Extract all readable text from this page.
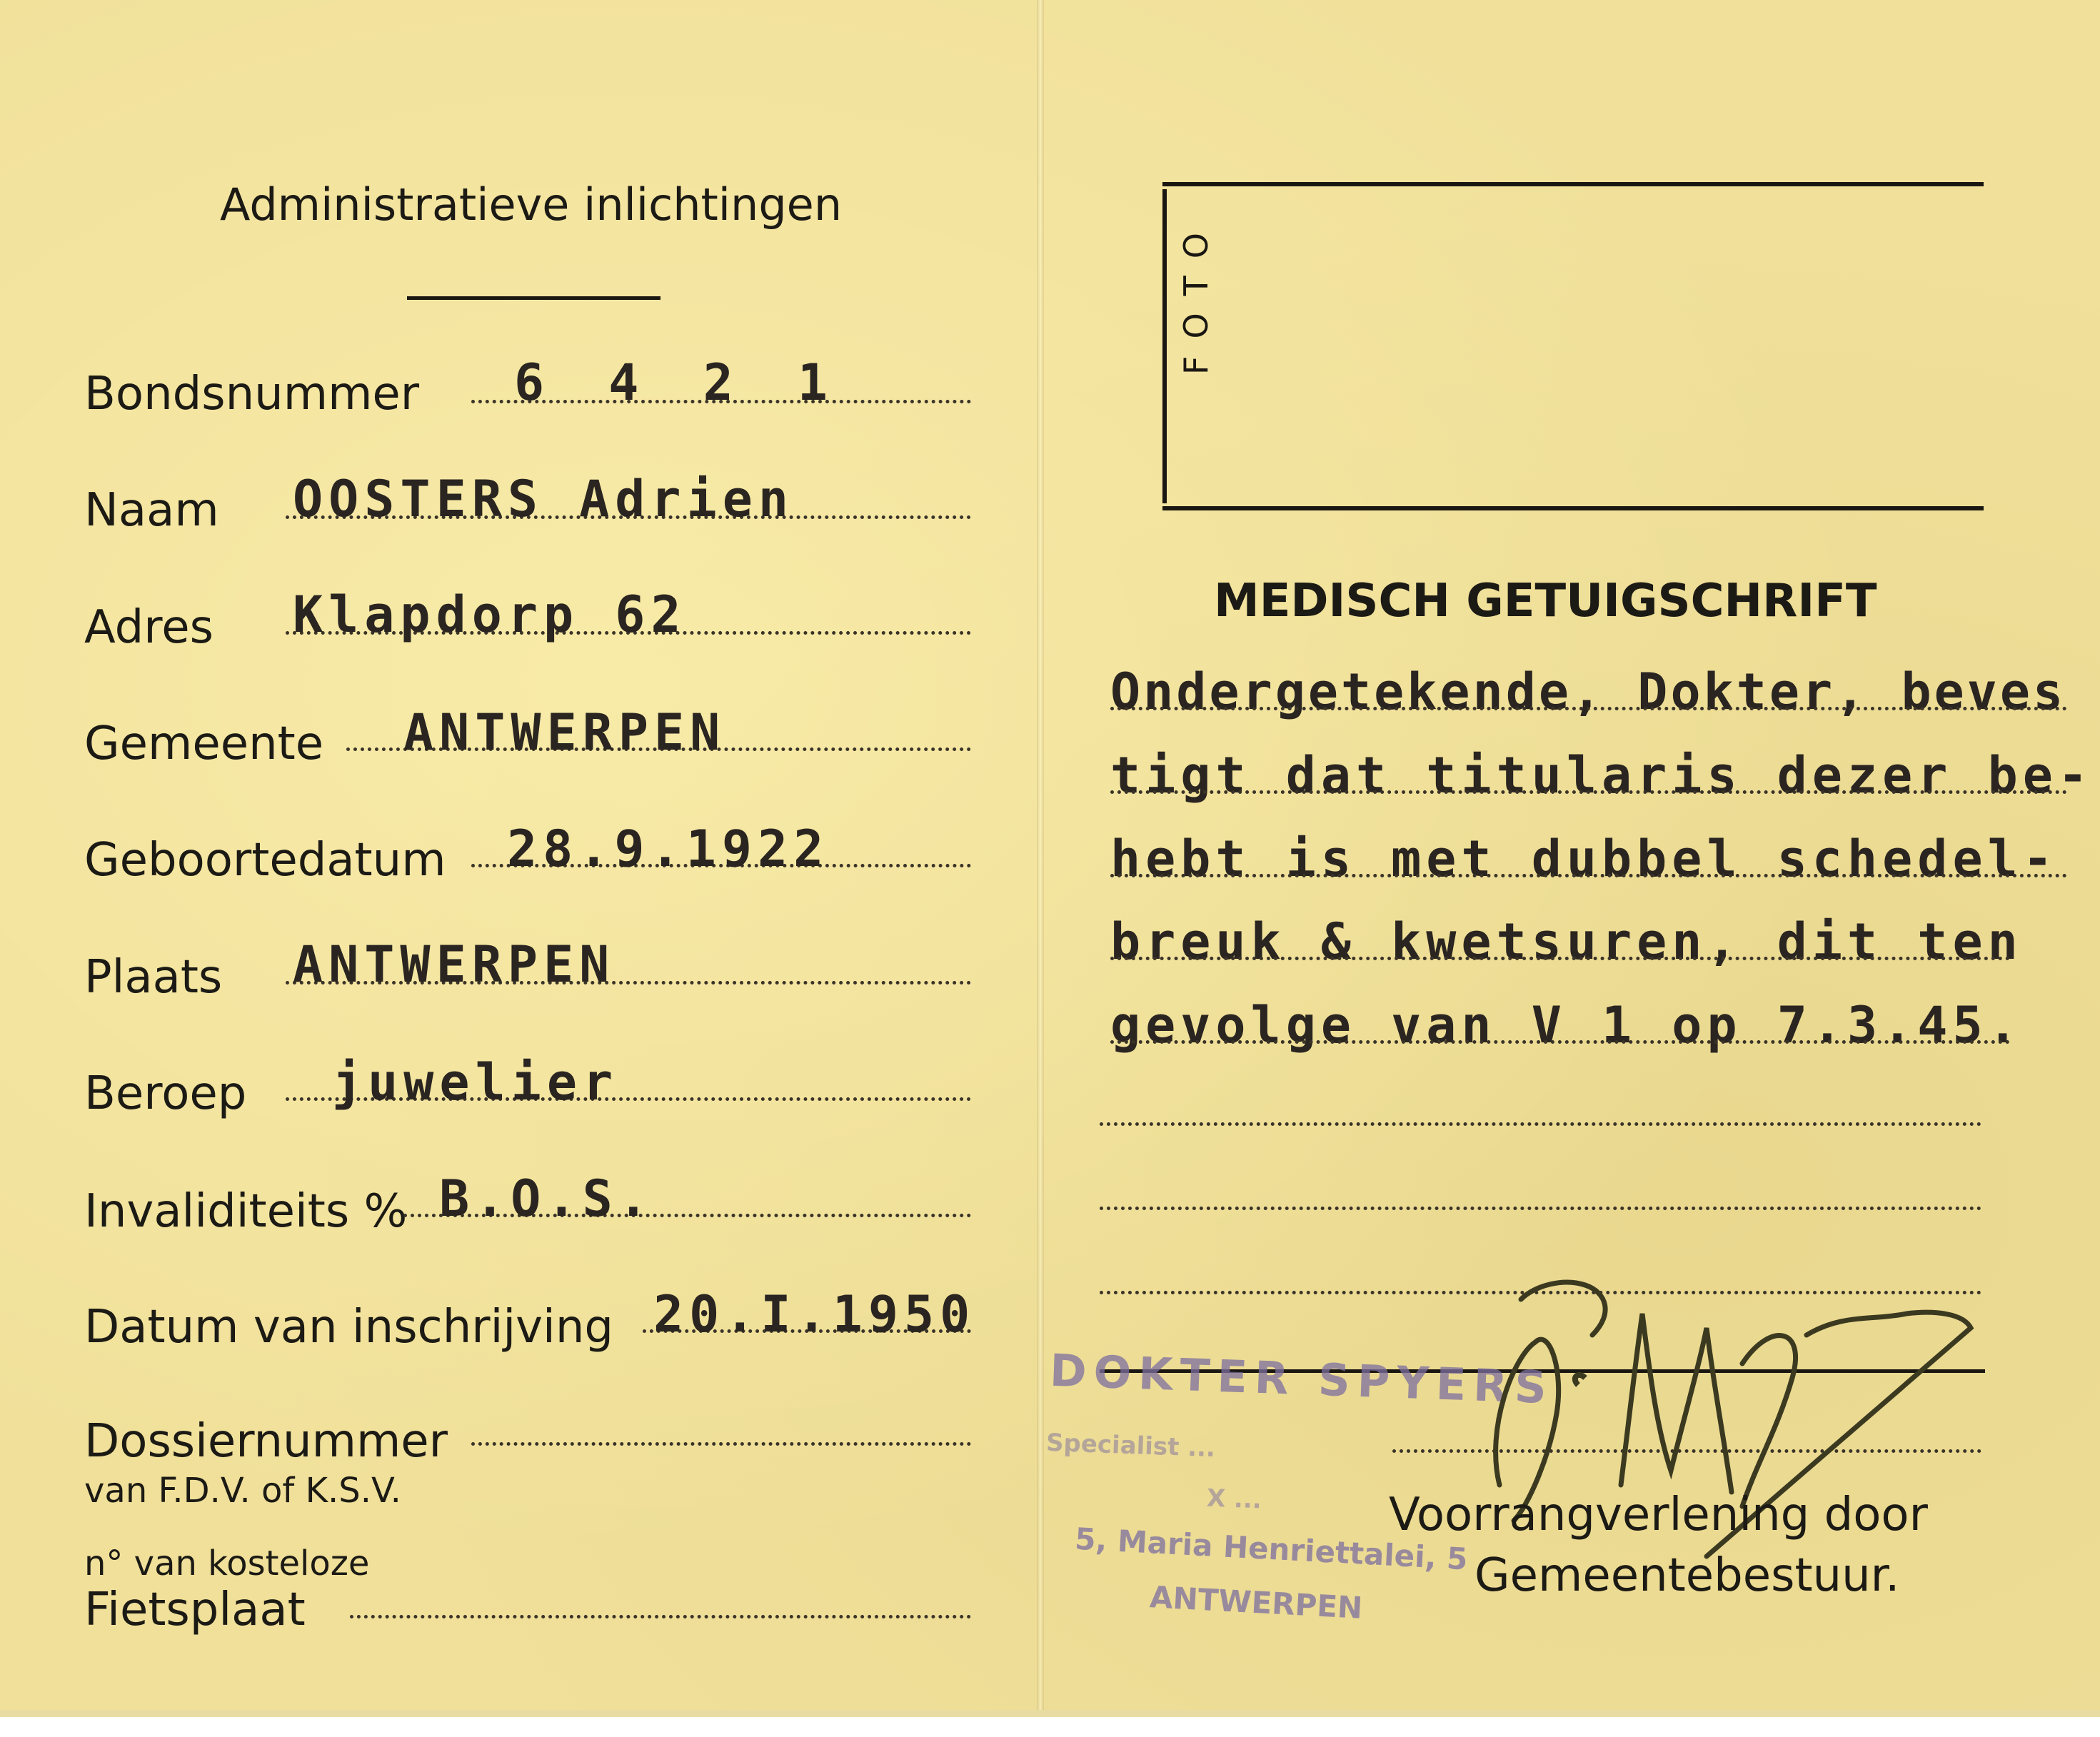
Administratieve inlichtingen
Bondsnummer 6 4 2 1
Naam OOSTERS Adrien
Adres Klapdorp 62
Gemeente ANTWERPEN
Geboortedatum 28.9.1922
Plaats ANTWERPEN
Beroep juwelier
Invaliditeits % B.O.S.
Datum van inschrijving 20.I.1950
Dossiernummer
van F.D.V. of K.S.V.
n° van kosteloze
Fietsplaat
FOTO
MEDISCH GETUIGSCHRIFT
Ondergetekende, Dokter, beves
tigt dat titularis dezer be-
hebt is met dubbel schedel-
breuk & kwetsuren, dit ten
gevolge van V 1 op 7.3.45.
DOKTER SPYERS
Specialist ...
X ...
5, Maria Henriettalei, 5
ANTWERPEN
Voorrangverlening door
Gemeentebestuur.
